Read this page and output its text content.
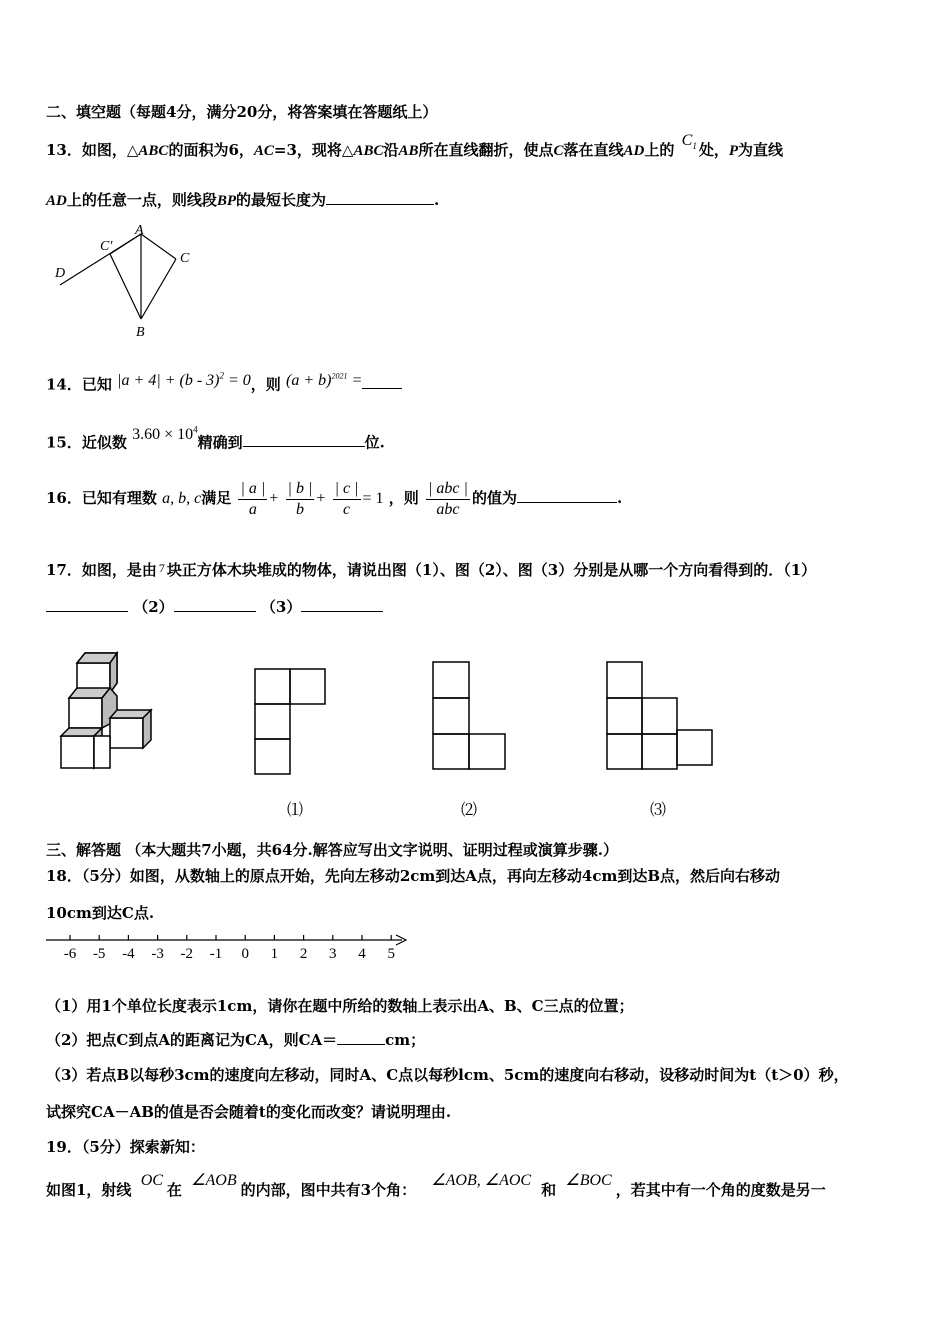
二、填空题（每题4分，满分20分，将答案填在答题纸上）
13．如图，△ABC的面积为6，AC=3，现将△ABC沿AB所在直线翻折，使点C落在直线AD上的 $C_1$ 处，P为直线
AD上的任意一点，则线段BP的最短长度为	.
A
B
C
C'
D
14．已知 |a + 4| + (b - 3)$^2$ = 0，则 $(a + b)^{2021}$ =
15．近似数 $3.60 \times 10^4$精确到	位.
16．已知有理数 a, b, c满足 $\frac{| a |}{a} + \frac{| b |}{b} + \frac{| c |}{c} = 1$ ，则 $\frac{\text{| abc |}}{\text{abc}}$ 的值为	.
17．如图，是由 $^7$ 块正方体木块堆成的物体，请说出图（1）、图（2）、图（3）分别是从哪一个方向看得到的．（1）
（2）	（3）
⑴	⑵	⑶
三、解答题 （本大题共7小题，共64分.解答应写出文字说明、证明过程或演算步骤.）
18．（5分）如图，从数轴上的原点开始，先向左移动2cm到达A点，再向左移动4cm到达B点，然后向右移动
10cm到达C点.
-6 -5 -4 -3 -2 -1 0 1 2 3 4 5
（1）用1个单位长度表示1cm，请你在题中所给的数轴上表示出A、B、C三点的位置；
（2）把点C到点A的距离记为CA，则CA＝	cm；
（3）若点B以每秒3cm的速度向左移动，同时A、C点以每秒lcm、5cm的速度向右移动，设移动时间为t（t＞0）秒，
试探究CA－AB的值是否会随着t的变化而改变？请说明理由.
19．（5分）探索新知：
如图1，射线 OC在 ∠AOB的内部，图中共有3个角： ∠AOB, ∠AOC和 ∠BOC，若其中有一个角的度数是另一
